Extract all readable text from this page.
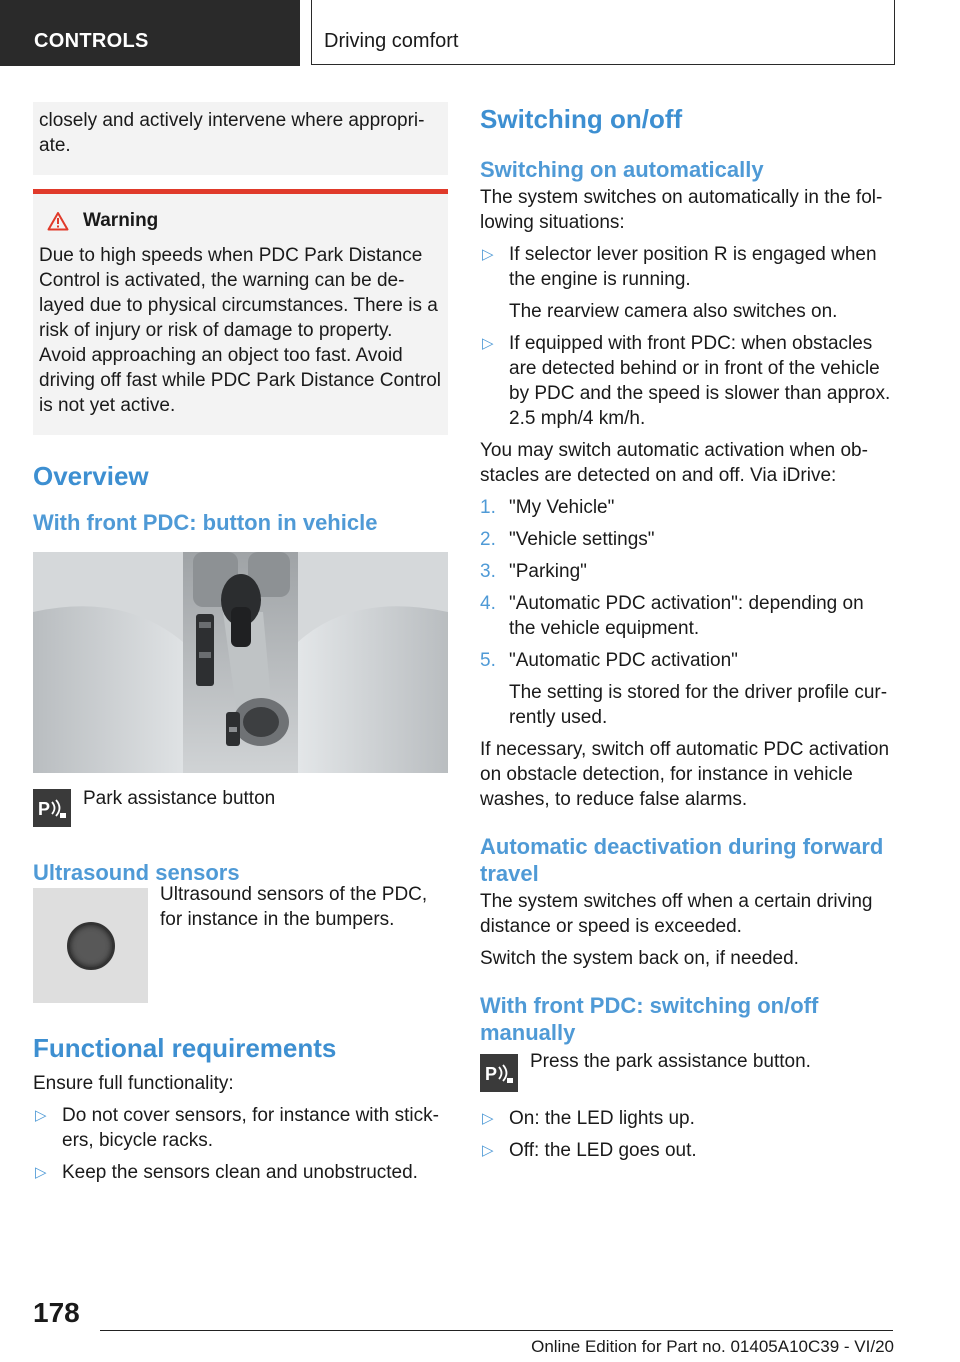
CONTROLS	Driving comfort

closely and actively intervene where appropri-ate.

Warning

Due to high speeds when PDC Park Distance Control is activated, the warning can be de-layed due to physical circumstances. There is a risk of injury or risk of damage to property. Avoid approaching an object too fast. Avoid driving off fast while PDC Park Distance Control is not yet active.

Overview
With front PDC: button in vehicle
P Park assistance button
Ultrasound sensors

Ultrasound sensors of the PDC, for instance in the bumpers.

Functional requirements

Ensure full functionality:

▷ Do not cover sensors, for instance with stick-ers, bicycle racks.
▷ Keep the sensors clean and unobstructed.
Switching on/off
Switching on automatically

The system switches on automatically in the fol-lowing situations:

▷ If selector lever position R is engaged when the engine is running.
The rearview camera also switches on.
▷ If equipped with front PDC: when obstacles are detected behind or in front of the vehicle by PDC and the speed is slower than approx. 2.5 mph/4 km/h.

You may switch automatic activation when ob-stacles are detected on and off. Via iDrive:

1. "My Vehicle"
2. "Vehicle settings"
3. "Parking"
4. "Automatic PDC activation": depending on the vehicle equipment.
5. "Automatic PDC activation"
The setting is stored for the driver profile cur-rently used.

If necessary, switch off automatic PDC activation on obstacle detection, for instance in vehicle washes, to reduce false alarms.

Automatic deactivation during forward travel

The system switches off when a certain driving distance or speed is exceeded.

Switch the system back on, if needed.

With front PDC: switching on/off manually
P
Press the park assistance button.
▷ On: the LED lights up.
▷ Off: the LED goes out.
178
Online Edition for Part no. 01405A10C39 - VI/20
